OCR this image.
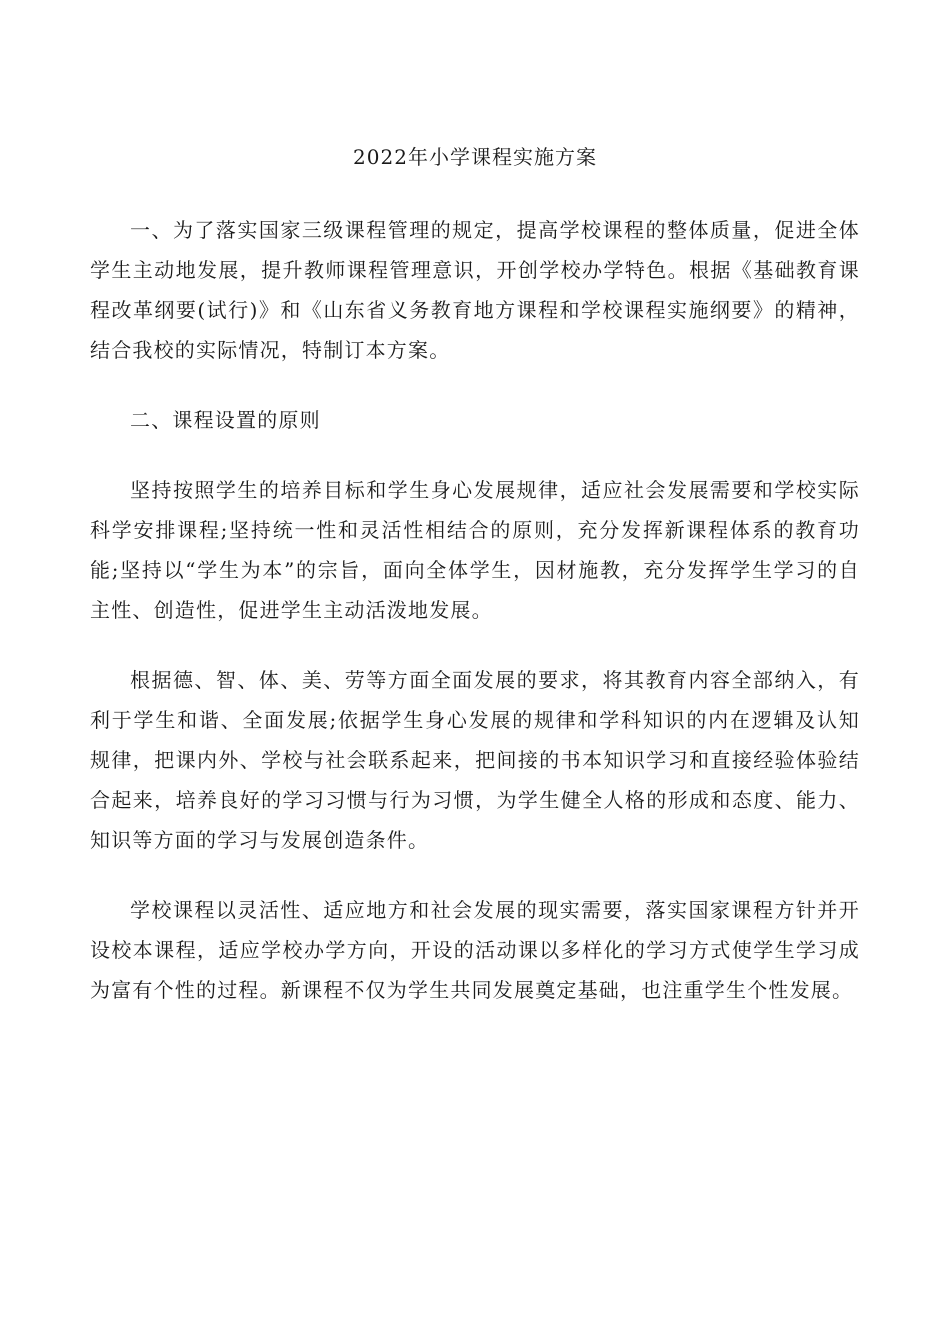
2022年小学课程实施方案

一、为了落实国家三级课程管理的规定，提高学校课程的整体质量，促进全体学生主动地发展，提升教师课程管理意识，开创学校办学特色。根据《基础教育课程改革纲要(试行)》和《山东省义务教育地方课程和学校课程实施纲要》的精神，结合我校的实际情况，特制订本方案。

二、课程设置的原则

坚持按照学生的培养目标和学生身心发展规律，适应社会发展需要和学校实际科学安排课程;坚持统一性和灵活性相结合的原则，充分发挥新课程体系的教育功能;坚持以“学生为本”的宗旨，面向全体学生，因材施教，充分发挥学生学习的自主性、创造性，促进学生主动活泼地发展。

根据德、智、体、美、劳等方面全面发展的要求，将其教育内容全部纳入，有利于学生和谐、全面发展;依据学生身心发展的规律和学科知识的内在逻辑及认知规律，把课内外、学校与社会联系起来，把间接的书本知识学习和直接经验体验结合起来，培养良好的学习习惯与行为习惯，为学生健全人格的形成和态度、能力、知识等方面的学习与发展创造条件。

学校课程以灵活性、适应地方和社会发展的现实需要，落实国家课程方针并开设校本课程，适应学校办学方向，开设的活动课以多样化的学习方式使学生学习成为富有个性的过程。新课程不仅为学生共同发展奠定基础，也注重学生个性发展。
